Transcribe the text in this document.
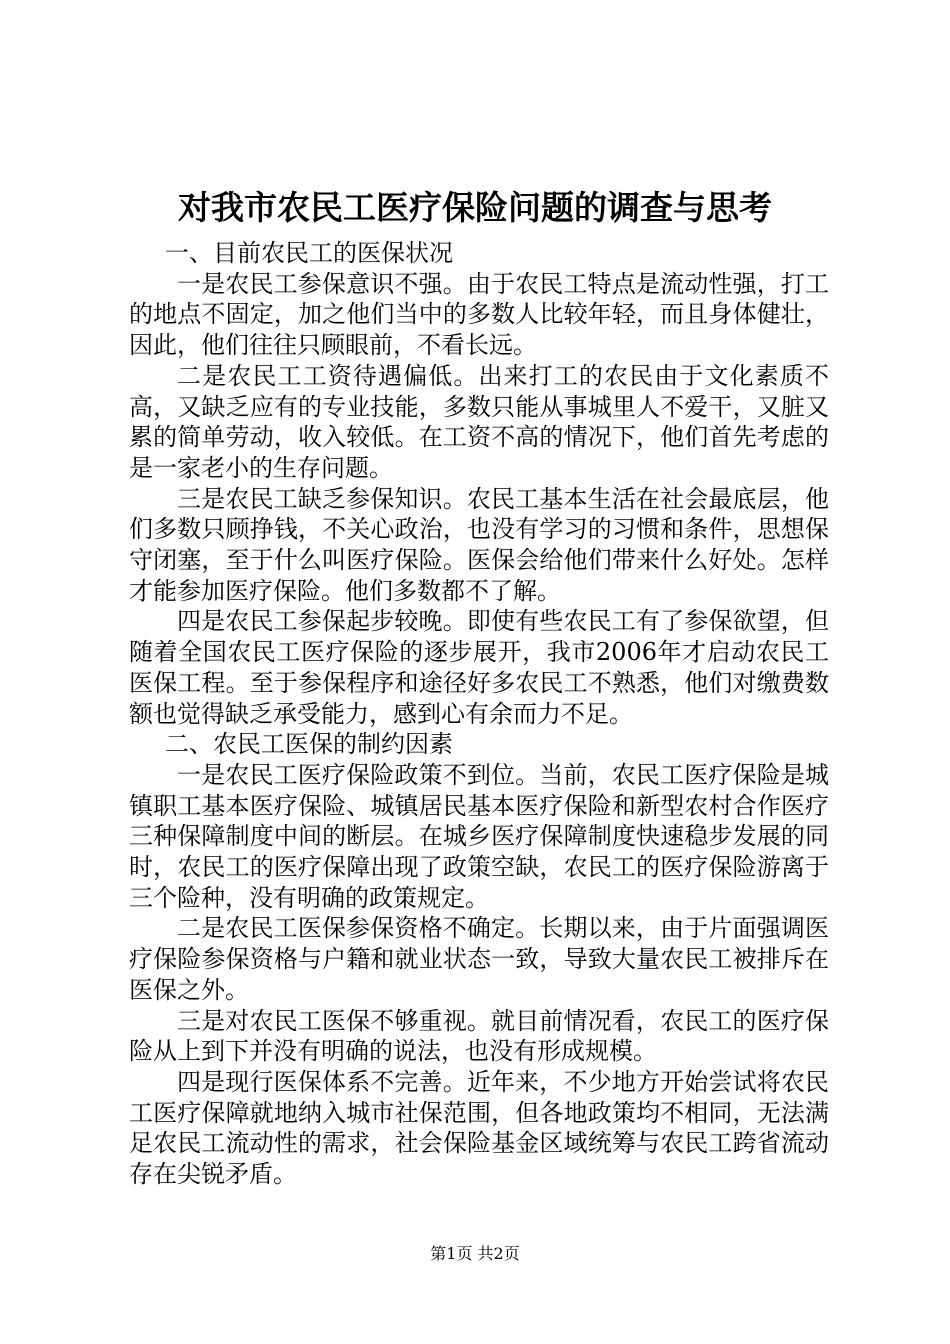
对我市农民工医疗保险问题的调查与思考

一、目前农民工的医保状况

一是农民工参保意识不强。由于农民工特点是流动性强，打工的地点不固定，加之他们当中的多数人比较年轻，而且身体健壮，因此，他们往往只顾眼前，不看长远。

二是农民工工资待遇偏低。出来打工的农民由于文化素质不高，又缺乏应有的专业技能，多数只能从事城里人不爱干，又脏又累的简单劳动，收入较低。在工资不高的情况下，他们首先考虑的是一家老小的生存问题。

三是农民工缺乏参保知识。农民工基本生活在社会最底层，他们多数只顾挣钱，不关心政治，也没有学习的习惯和条件，思想保守闭塞，至于什么叫医疗保险。医保会给他们带来什么好处。怎样才能参加医疗保险。他们多数都不了解。

四是农民工参保起步较晚。即使有些农民工有了参保欲望，但随着全国农民工医疗保险的逐步展开，我市2006年才启动农民工医保工程。至于参保程序和途径好多农民工不熟悉，他们对缴费数额也觉得缺乏承受能力，感到心有余而力不足。

二、农民工医保的制约因素

一是农民工医疗保险政策不到位。当前，农民工医疗保险是城镇职工基本医疗保险、城镇居民基本医疗保险和新型农村合作医疗三种保障制度中间的断层。在城乡医疗保障制度快速稳步发展的同时，农民工的医疗保障出现了政策空缺，农民工的医疗保险游离于三个险种，没有明确的政策规定。

二是农民工医保参保资格不确定。长期以来，由于片面强调医疗保险参保资格与户籍和就业状态一致，导致大量农民工被排斥在医保之外。

三是对农民工医保不够重视。就目前情况看，农民工的医疗保险从上到下并没有明确的说法，也没有形成规模。

四是现行医保体系不完善。近年来，不少地方开始尝试将农民工医疗保障就地纳入城市社保范围，但各地政策均不相同，无法满足农民工流动性的需求，社会保险基金区域统筹与农民工跨省流动存在尖锐矛盾。

第1页 共2页
